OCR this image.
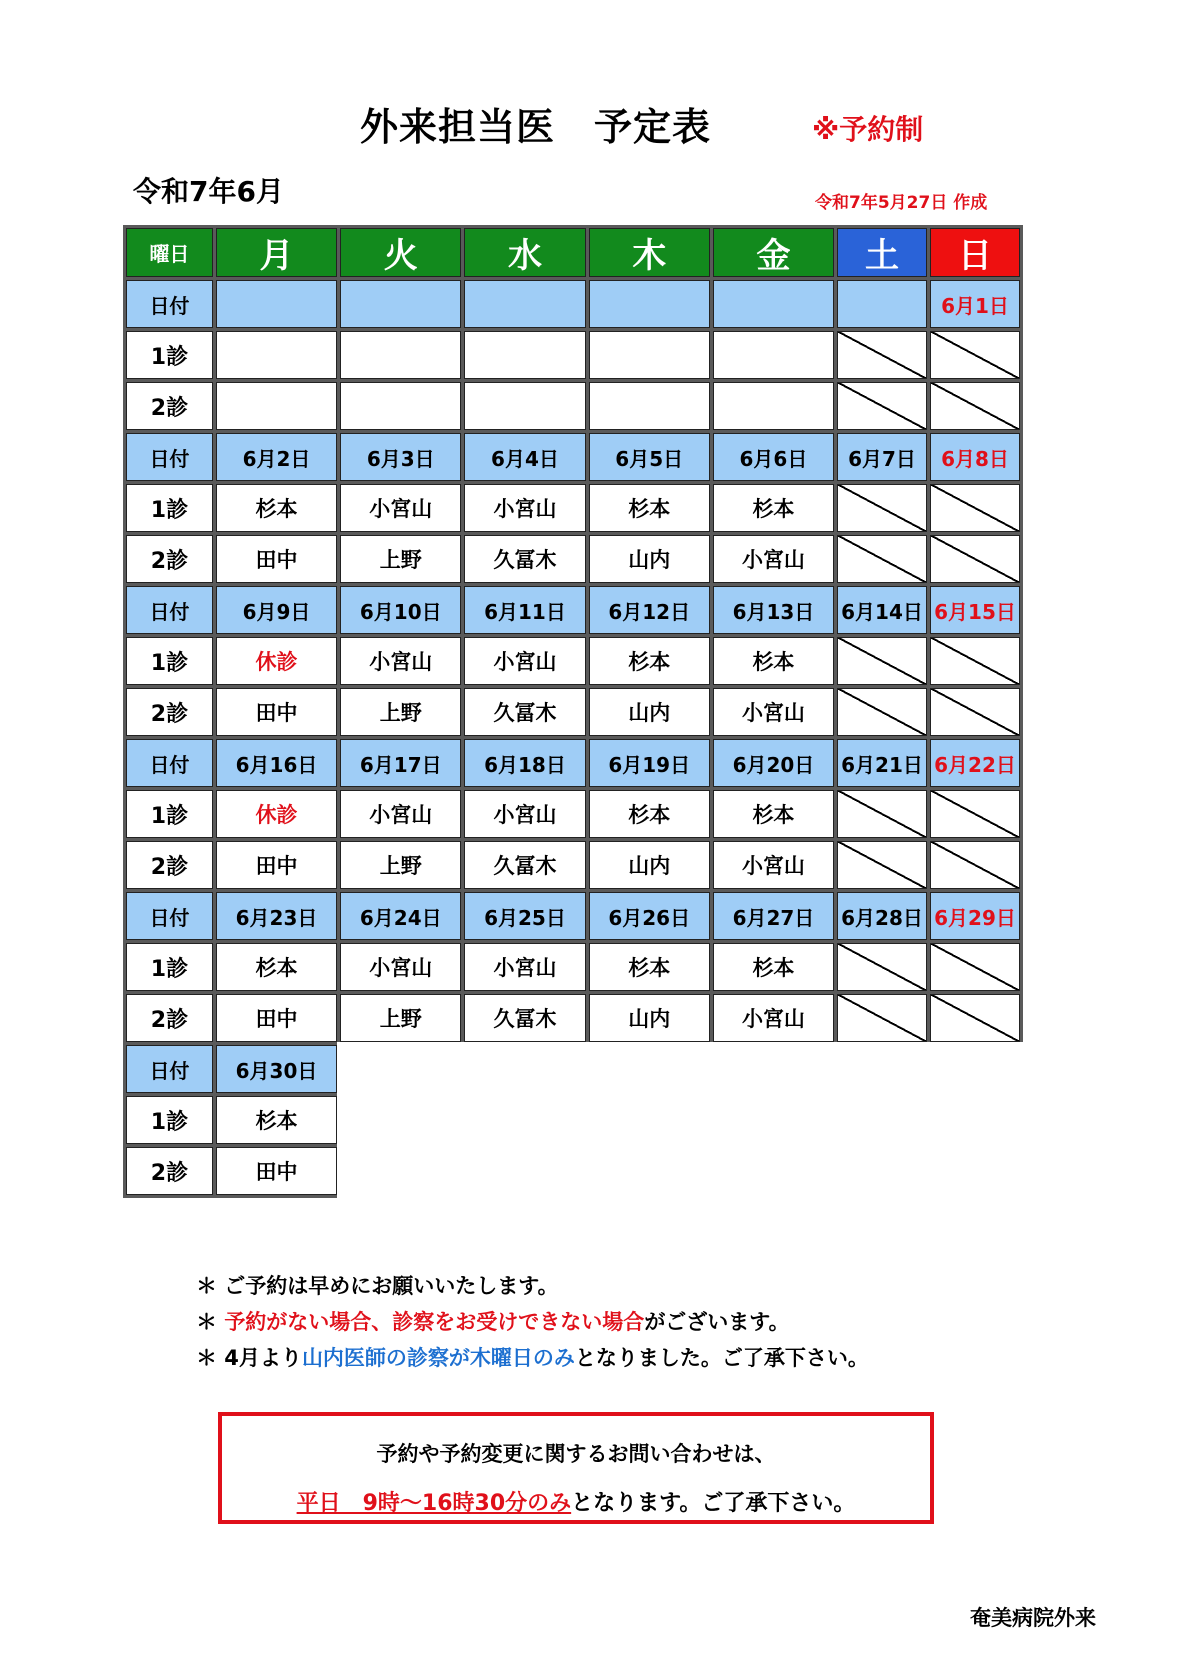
外来担当医　予定表	※予約制
令和7年6月	令和7年5月27日 作成
曜日	月	火	水	木	金	土	日
日付							6月1日
1診							
2診							
日付	6月2日	6月3日	6月4日	6月5日	6月6日	6月7日	6月8日
1診	杉本	小宮山	小宮山	杉本	杉本		
2診	田中	上野	久冨木	山内	小宮山		
日付	6月9日	6月10日	6月11日	6月12日	6月13日	6月14日	6月15日
1診	休診	小宮山	小宮山	杉本	杉本		
2診	田中	上野	久冨木	山内	小宮山		
日付	6月16日	6月17日	6月18日	6月19日	6月20日	6月21日	6月22日
1診	休診	小宮山	小宮山	杉本	杉本		
2診	田中	上野	久冨木	山内	小宮山		
日付	6月23日	6月24日	6月25日	6月26日	6月27日	6月28日	6月29日
1診	杉本	小宮山	小宮山	杉本	杉本		
2診	田中	上野	久冨木	山内	小宮山		
日付	6月30日						
1診	杉本						
2診	田中						
＊ ご予約は早めにお願いいたします。
＊ 予約がない場合、診察をお受けできない場合がございます。
＊ 4月より山内医師の診察が木曜日のみとなりました。ご了承下さい。
予約や予約変更に関するお問い合わせは、
平日　9時～16時30分のみとなります。ご了承下さい。
奄美病院外来
